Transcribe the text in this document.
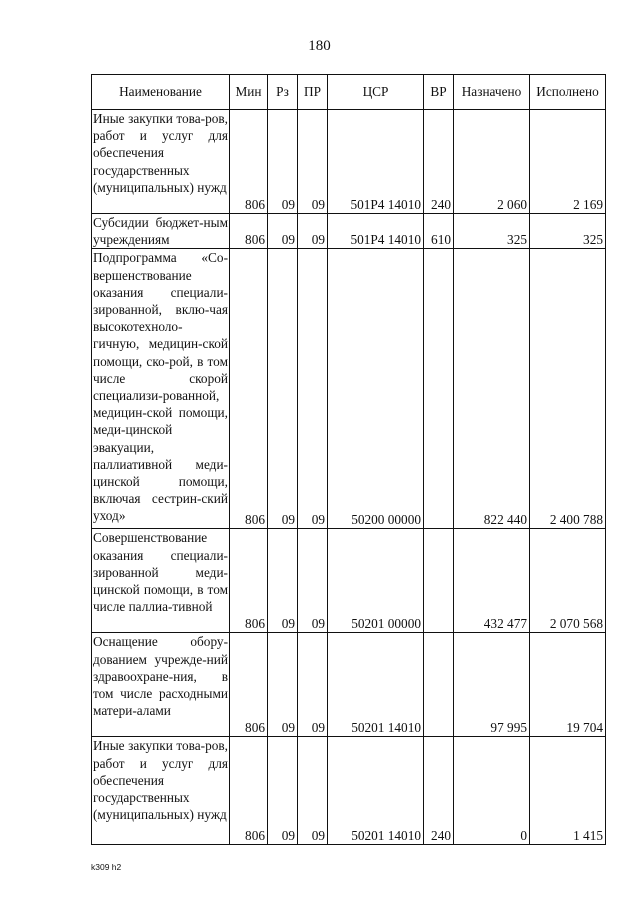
180
Наименование	Мин	Рз	ПР	ЦСР	ВР	Назначено	Исполнено
Иные закупки това-ров, работ и услуг для обеспечения государственных (муниципальных) нужд	806	09	09	501Р4 14010	240	2 060	2 169
Субсидии бюджет-ным учреждениям	806	09	09	501Р4 14010	610	325	325
Подпрограмма «Со-вершенствование оказания специали-зированной, вклю-чая высокотехноло-гичную, медицин-ской помощи, ско-рой, в том числе скорой специализи-рованной, медицин-ской помощи, меди-цинской эвакуации, паллиативной меди-цинской помощи, включая сестрин-ский уход»	806	09	09	50200 00000		822 440	2 400 788
Совершенствование оказания специали-зированной меди-цинской помощи, в том числе паллиа-тивной	806	09	09	50201 00000		432 477	2 070 568
Оснащение обору-дованием учрежде-ний здравоохране-ния, в том числе расходными матери-алами	806	09	09	50201 14010		97 995	19 704
Иные закупки това-ров, работ и услуг для обеспечения государственных (муниципальных) нужд	806	09	09	50201 14010	240	0	1 415
k309 h2
